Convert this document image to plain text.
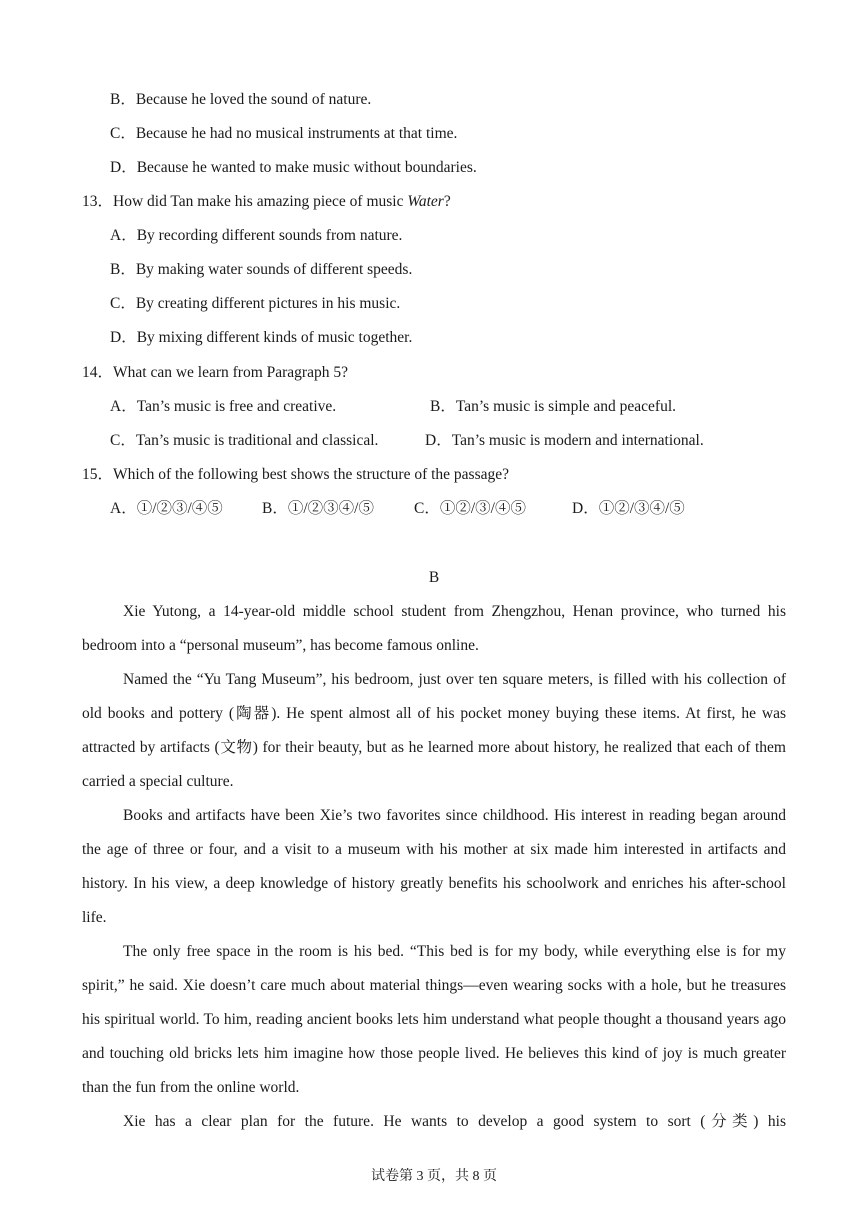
B．Because he loved the sound of nature.
C．Because he had no musical instruments at that time.
D．Because he wanted to make music without boundaries.
13．How did Tan make his amazing piece of music Water?
A．By recording different sounds from nature.
B．By making water sounds of different speeds.
C．By creating different pictures in his music.
D．By mixing different kinds of music together.
14．What can we learn from Paragraph 5?
A．Tan’s music is free and creative.	B．Tan’s music is simple and peaceful.
C．Tan’s music is traditional and classical.	D．Tan’s music is modern and international.
15．Which of the following best shows the structure of the passage?
A．①/②③/④⑤	B．①/②③④/⑤	C．①②/③/④⑤	D．①②/③④/⑤
B

Xie Yutong, a 14-year-old middle school student from Zhengzhou, Henan province, who turned his bedroom into a “personal museum”, has become famous online.

Named the “Yu Tang Museum”, his bedroom, just over ten square meters, is filled with his collection of old books and pottery (陶器). He spent almost all of his pocket money buying these items. At first, he was attracted by artifacts (文物) for their beauty, but as he learned more about history, he realized that each of them carried a special culture.

Books and artifacts have been Xie’s two favorites since childhood. His interest in reading began around the age of three or four, and a visit to a museum with his mother at six made him interested in artifacts and history. In his view, a deep knowledge of history greatly benefits his schoolwork and enriches his after-school life.

The only free space in the room is his bed. “This bed is for my body, while everything else is for my spirit,” he said. Xie doesn’t care much about material things—even wearing socks with a hole, but he treasures his spiritual world. To him, reading ancient books lets him understand what people thought a thousand years ago and touching old bricks lets him imagine how those people lived. He believes this kind of joy is much greater than the fun from the online world.

Xie has a clear plan for the future. He wants to develop a good system to sort (分类) his

试卷第 3 页，共 8 页
